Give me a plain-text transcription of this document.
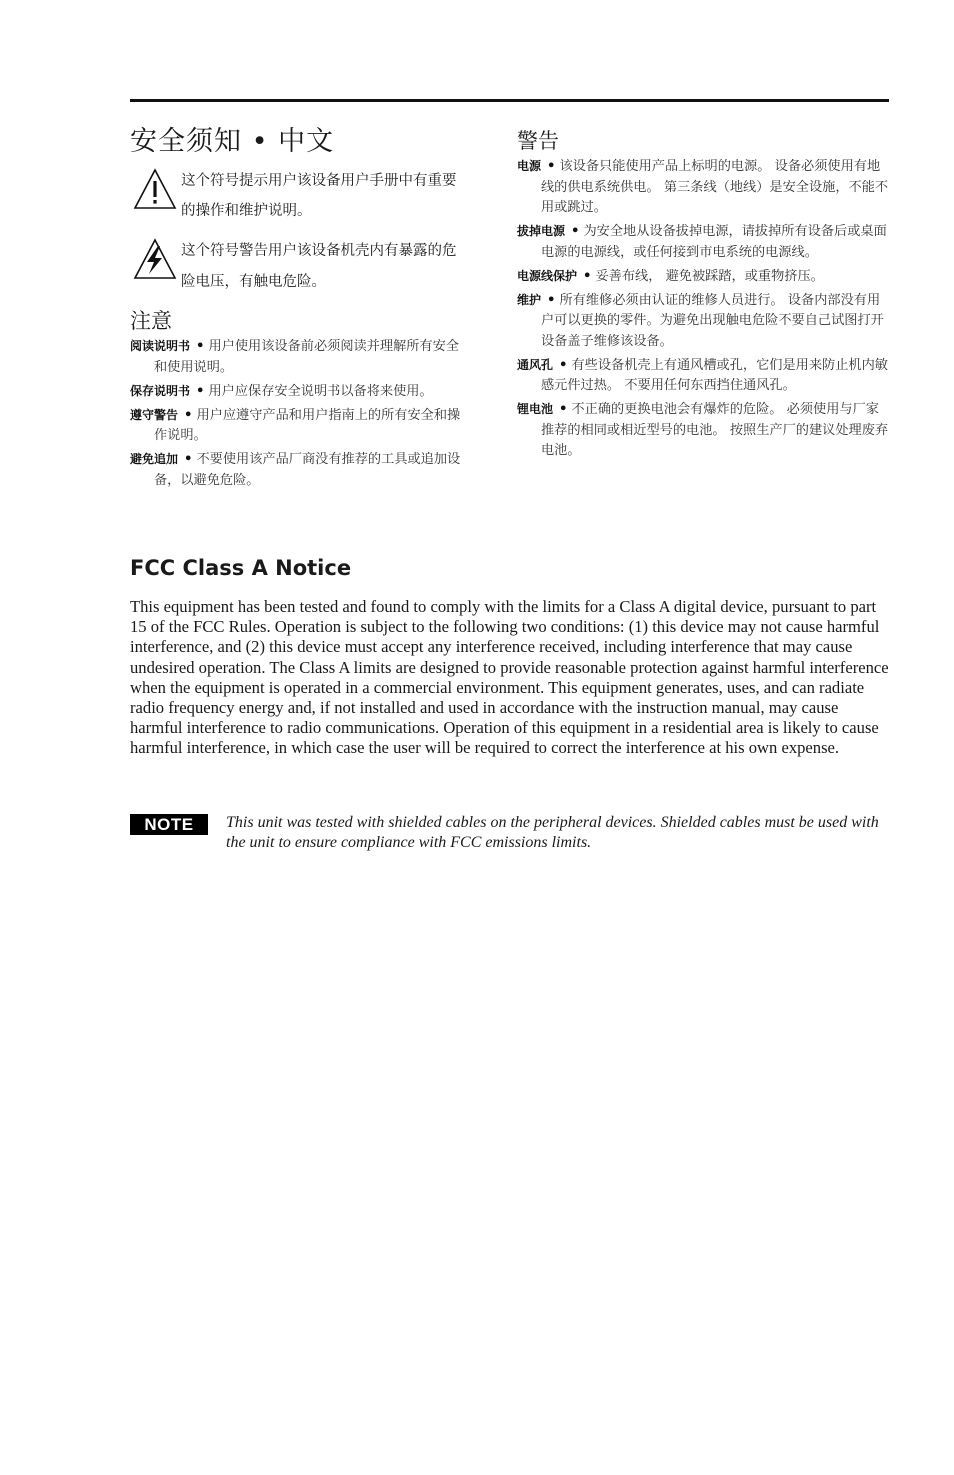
安全须知 • 中文
这个符号提示用户该设备用户手册中有重要的操作和维护说明。
这个符号警告用户该设备机壳内有暴露的危险电压，有触电危险。
注意

阅读说明书 • 用户使用该设备前必须阅读并理解所有安全和使用说明。

保存说明书 • 用户应保存安全说明书以备将来使用。

遵守警告 • 用户应遵守产品和用户指南上的所有安全和操作说明。

避免追加 • 不要使用该产品厂商没有推荐的工具或追加设备，以避免危险。

警告

电源 • 该设备只能使用产品上标明的电源。 设备必须使用有地线的供电系统供电。 第三条线（地线）是安全设施，不能不用或跳过。

拔掉电源 • 为安全地从设备拔掉电源，请拔掉所有设备后或桌面电源的电源线，或任何接到市电系统的电源线。

电源线保护 • 妥善布线， 避免被踩踏，或重物挤压。

维护 • 所有维修必须由认证的维修人员进行。 设备内部没有用户可以更换的零件。为避免出现触电危险不要自己试图打开设备盖子维修该设备。

通风孔 • 有些设备机壳上有通风槽或孔，它们是用来防止机内敏感元件过热。 不要用任何东西挡住通风孔。

锂电池 • 不正确的更换电池会有爆炸的危险。 必须使用与厂家推荐的相同或相近型号的电池。 按照生产厂的建议处理废弃电池。

FCC Class A Notice

This equipment has been tested and found to comply with the limits for a Class A digital device, pursuant to part 15 of the FCC Rules. Operation is subject to the following two conditions: (1) this device may not cause harmful interference, and (2) this device must accept any interference received, including interference that may cause undesired operation. The Class A limits are designed to provide reasonable protection against harmful interference when the equipment is operated in a commercial environment. This equipment generates, uses, and can radiate radio frequency energy and, if not installed and used in accordance with the instruction manual, may cause harmful interference to radio communications. Operation of this equipment in a residential area is likely to cause harmful interference, in which case the user will be required to correct the interference at his own expense.

NOTE	This unit was tested with shielded cables on the peripheral devices. Shielded cables must be used with the unit to ensure compliance with FCC emissions limits.
